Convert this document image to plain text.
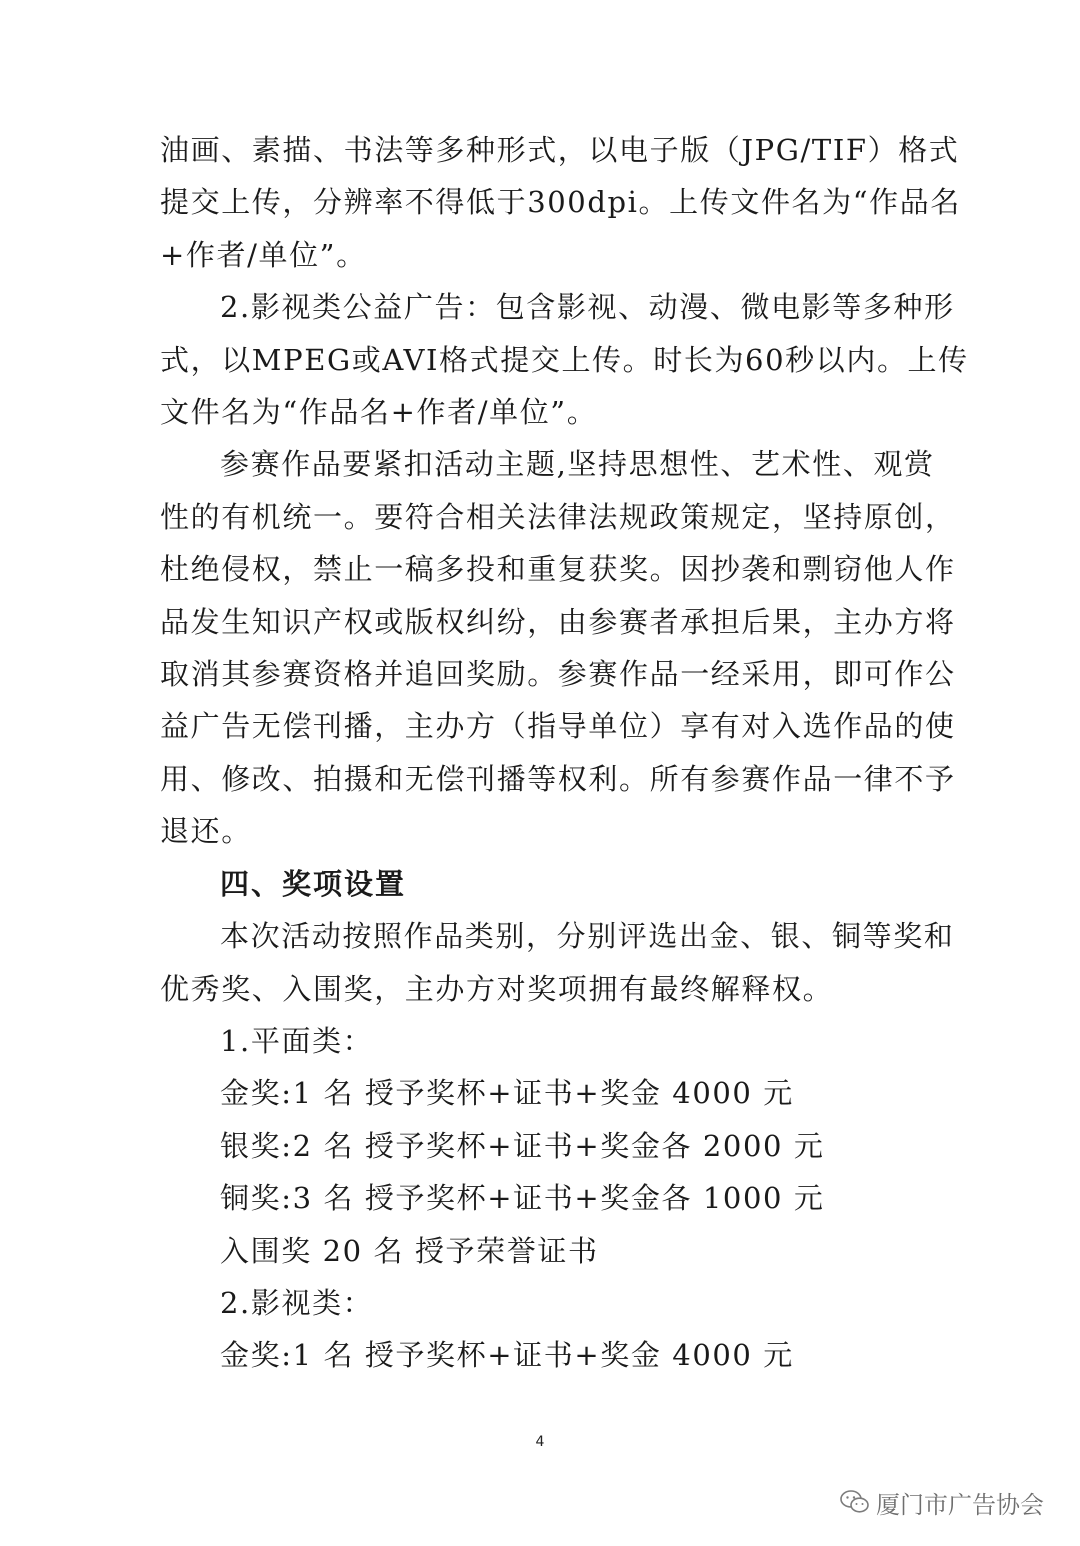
油画、素描、书法等多种形式，以电子版（JPG/TIF）格式

提交上传，分辨率不得低于300dpi。上传文件名为“作品名

+作者/单位”。

2.影视类公益广告：包含影视、动漫、微电影等多种形

式，以MPEG或AVI格式提交上传。时长为60秒以内。上传

文件名为“作品名+作者/单位”。

参赛作品要紧扣活动主题,坚持思想性、艺术性、观赏

性的有机统一。要符合相关法律法规政策规定，坚持原创，

杜绝侵权，禁止一稿多投和重复获奖。因抄袭和剽窃他人作

品发生知识产权或版权纠纷，由参赛者承担后果，主办方将

取消其参赛资格并追回奖励。参赛作品一经采用，即可作公

益广告无偿刊播，主办方（指导单位）享有对入选作品的使

用、修改、拍摄和无偿刊播等权利。所有参赛作品一律不予

退还。

四、奖项设置

本次活动按照作品类别，分别评选出金、银、铜等奖和

优秀奖、入围奖，主办方对奖项拥有最终解释权。

1.平面类：

金奖:1 名 授予奖杯+证书+奖金 4000 元

银奖:2 名 授予奖杯+证书+奖金各 2000 元

铜奖:3 名 授予奖杯+证书+奖金各 1000 元

入围奖 20 名 授予荣誉证书

2.影视类：

金奖:1 名 授予奖杯+证书+奖金 4000 元

4
厦门市广告协会
